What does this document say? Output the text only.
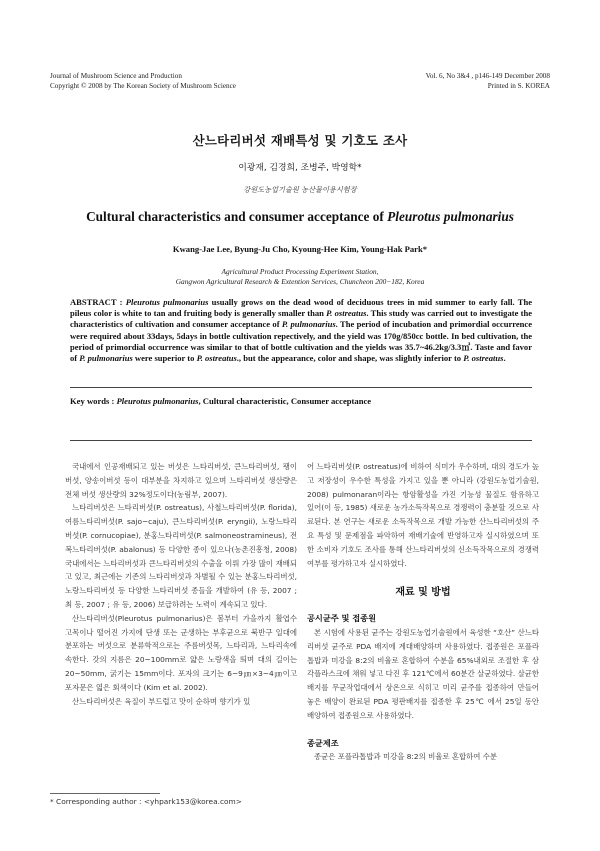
Journal of Mushroom Science and Production
Copyright © 2008 by The Korean Society of Mushroom Science
Vol. 6, No 3&4 , p146-149 December 2008
Printed in S. KOREA
산느타리버섯 재배특성 및 기호도 조사
이광재, 김경희, 조병주, 박영학*
강원도농업기술원 농산물이용시험장
Cultural characteristics and consumer acceptance of Pleurotus pulmonarius
Kwang-Jae Lee, Byung-Ju Cho, Kyoung-Hee Kim, Young-Hak Park*
Agricultural Product Processing Experiment Station,
Gangwon Agricultural Research & Extention Services, Chuncheon 200−182, Korea
ABSTRACT : Pleurotus pulmonarius usually grows on the dead wood of deciduous trees in mid summer to early fall. The pileus color is white to tan and fruiting body is generally smaller than P. ostreatus. This study was carried out to investigate the characteristics of cultivation and consumer acceptance of P. pulmonarius. The period of incubation and primordial occurrence were required about 33days, 5days in bottle cultivation repectively, and the yield was 170g/850cc bottle. In bed cultivation, the period of primordial occurrence was similar to that of bottle cultivation and the yields was 35.7~46.2kg/3.3㎡. Taste and favor of P. pulmonarius were superior to P. ostreatus., but the appearance, color and shape, was slightly inferior to P. ostreatus.
Key words : Pleurotus pulmonarius, Cultural characteristic, Consumer acceptance

국내에서 인공재배되고 있는 버섯은 느타리버섯, 큰느타리버섯, 팽이버섯, 양송이버섯 등이 대부분을 차지하고 있으며 느타리버섯 생산량은 전체 버섯 생산량의 32%정도이다(농림부, 2007).

느타리버섯은 느타리버섯(P. ostreatus), 사철느타리버섯(P. florida), 여름느타리버섯(P. sajo−caju), 큰느타리버섯(P. eryngii), 노랑느타리버섯(P. cornucopiae), 분홍느타리버섯(P. salmoneostramineus), 전복느타리버섯(P. abalonus) 등 다양한 종이 있으나(농촌진흥청, 2008) 국내에서는 느타리버섯과 큰느타리버섯의 수출을 이뤄 가장 많이 재배되고 있고, 최근에는 기존의 느타리버섯과 차별될 수 있는 분홍느타리버섯, 노랑느타리버섯 등 다양한 느타리버섯 종들을 개발하여 (유 등, 2007 ; 최 등, 2007 ; 유 등, 2006) 보급하려는 노력이 계속되고 있다.

산느타리버섯(Pleurotus pulmonarius)은 봄부터 가을까지 활엽수 고목이나 떨어진 가지에 단생 또는 군생하는 부후균으로 북반구 일대에 분포하는 버섯으로 분류학적으로는 주름버섯목, 느타리과, 느타리속에 속한다. 갓의 지름은 20~100mm로 얇은 노랑색을 띄며 대의 길이는 20~50mm, 굵기는 15mm이다. 포자의 크기는 6~9㎛×3~4㎛이고 포자문은 엷은 회색이다 (Kim et al. 2002).

산느타리버섯은 육질이 부드럽고 맛이 순하며 향기가 있

어 느타리버섯(P. ostreatus)에 비하여 식미가 우수하며, 대의 경도가 높고 저장성이 우수한 특성을 가지고 있을 뿐 아니라 (강원도농업기술원, 2008) pulmonaran이라는 항암활성을 가진 기능성 물질도 함유하고 있어(이 등, 1985) 새로운 농가소득작목으로 경쟁력이 충분할 것으로 사료된다. 본 연구는 새로운 소득작목으로 개발 가능한 산느타리버섯의 주요 특성 및 문제점을 파악하여 재배기술에 반영하고자 실시하였으며 또한 소비자 기호도 조사를 통해 산느타리버섯의 신소득작목으로의 경쟁력 여부를 평가하고자 실시하였다.

재료 및 방법
공시균주 및 접종원

본 시험에 사용된 균주는 강원도농업기술원에서 육성한 “호산” 산느타리버섯 균주로 PDA 배지에 계대배양하며 사용하였다. 접종원은 포플라톱밥과 미강을 8:2의 비율로 혼합하여 수분을 65%내외로 조절한 후 삼각플라스크에 채워 넣고 다진 후 121℃에서 60분간 살균하였다. 살균한 배지를 무균작업대에서 상온으로 식히고 미리 균주를 접종하여 만들어 놓은 배양이 완료된 PDA 평판배지를 접종한 후 25℃ 에서 25일 동안 배양하여 접종원으로 사용하였다.

종균제조

종균은 포플라톱밥과 미강을 8:2의 비율로 혼합하여 수분

* Corresponding author : <yhpark153@korea.com>
